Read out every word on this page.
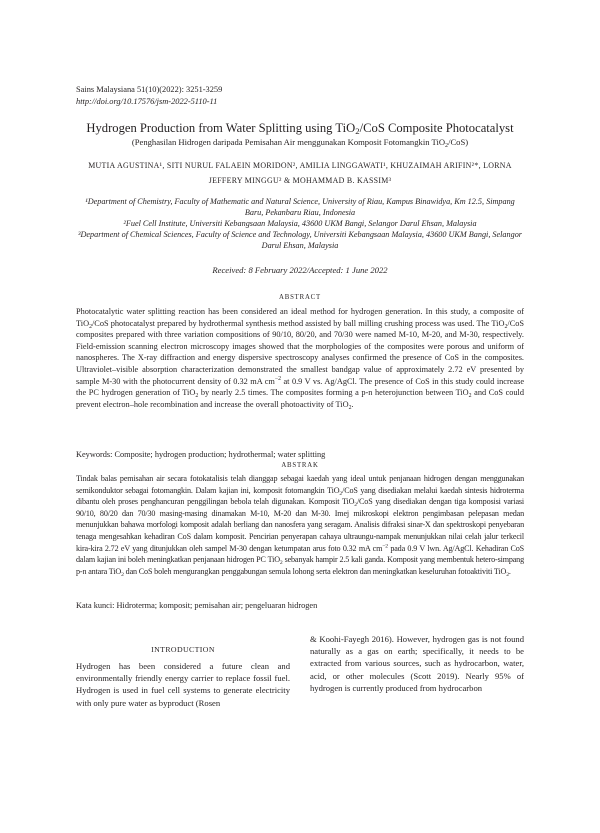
Sains Malaysiana 51(10)(2022): 3251-3259
http://doi.org/10.17576/jsm-2022-5110-11
Hydrogen Production from Water Splitting using TiO$_2$/CoS Composite Photocatalyst
(Penghasilan Hidrogen daripada Pemisahan Air menggunakan Komposit Fotomangkin TiO$_2$/CoS)
MUTIA AGUSTINA¹, SITI NURUL FALAEIN MORIDON², AMILIA LINGGAWATI¹, KHUZAIMAH ARIFIN²*, LORNA
JEFFERY MINGGU² & MOHAMMAD B. KASSIM³

¹Department of Chemistry, Faculty of Mathematic and Natural Science, University of Riau, Kampus Binawidya, Km 12.5, Simpang Baru, Pekanbaru Riau, Indonesia

²Fuel Cell Institute, Universiti Kebangsaan Malaysia, 43600 UKM Bangi, Selangor Darul Ehsan, Malaysia

³Department of Chemical Sciences, Faculty of Science and Technology, Universiti Kebangsaan Malaysia, 43600 UKM Bangi, Selangor Darul Ehsan, Malaysia

Received: 8 February 2022/Accepted: 1 June 2022
ABSTRACT
Photocatalytic water splitting reaction has been considered an ideal method for hydrogen generation. In this study, a composite of TiO$_2$/CoS photocatalyst prepared by hydrothermal synthesis method assisted by ball milling crushing process was used. The TiO$_2$/CoS composites prepared with three variation compositions of 90/10, 80/20, and 70/30 were named M-10, M-20, and M-30, respectively. Field-emission scanning electron microscopy images showed that the morphologies of the composites were porous and uniform of nanospheres. The X-ray diffraction and energy dispersive spectroscopy analyses confirmed the presence of CoS in the composites. Ultraviolet–visible absorption characterization demonstrated the smallest bandgap value of approximately 2.72 eV presented by sample M-30 with the photocurrent density of 0.32 mA $cm^{-2}$ at 0.9 V vs. Ag/AgCl. The presence of CoS in this study could increase the PC hydrogen generation of TiO$_2$ by nearly 2.5 times. The composites forming a p-n heterojunction between TiO$_2$ and CoS could prevent electron–hole recombination and increase the overall photoactivity of TiO$_2$.
Keywords: Composite; hydrogen production; hydrothermal; water splitting
ABSTRAK
Tindak balas pemisahan air secara fotokatalisis telah dianggap sebagai kaedah yang ideal untuk penjanaan hidrogen dengan menggunakan semikonduktor sebagai fotomangkin. Dalam kajian ini, komposit fotomangkin TiO$_2$/CoS yang disediakan melalui kaedah sintesis hidroterma dibantu oleh proses penghancuran penggilingan bebola telah digunakan. Komposit TiO$_2$/CoS yang disediakan dengan tiga komposisi variasi 90/10, 80/20 dan 70/30 masing-masing dinamakan M-10, M-20 dan M-30. Imej mikroskopi elektron pengimbasan pelepasan medan menunjukkan bahawa morfologi komposit adalah berliang dan nanosfera yang seragam. Analisis difraksi sinar-X dan spektroskopi penyebaran tenaga mengesahkan kehadiran CoS dalam komposit. Pencirian penyerapan cahaya ultraungu-nampak menunjukkan nilai celah jalur terkecil kira-kira 2.72 eV yang ditunjukkan oleh sampel M-30 dengan ketumpatan arus foto 0.32 mA $cm^{-2}$ pada 0.9 V lwn. Ag/AgCl. Kehadiran CoS dalam kajian ini boleh meningkatkan penjanaan hidrogen PC TiO$_2$ sebanyak hampir 2.5 kali ganda. Komposit yang membentuk hetero-simpang p-n antara TiO$_2$ dan CoS boleh mengurangkan penggabungan semula lohong serta elektron dan meningkatkan keseluruhan fotoaktiviti TiO$_2$.
Kata kunci: Hidroterma; komposit; pemisahan air; pengeluaran hidrogen
INTRODUCTION
Hydrogen has been considered a future clean and environmentally friendly energy carrier to replace fossil fuel. Hydrogen is used in fuel cell systems to generate electricity with only pure water as byproduct (Rosen
& Koohi-Fayegh 2016). However, hydrogen gas is not found naturally as a gas on earth; specifically, it needs to be extracted from various sources, such as hydrocarbon, water, acid, or other molecules (Scott 2019). Nearly 95% of hydrogen is currently produced from hydrocarbon
